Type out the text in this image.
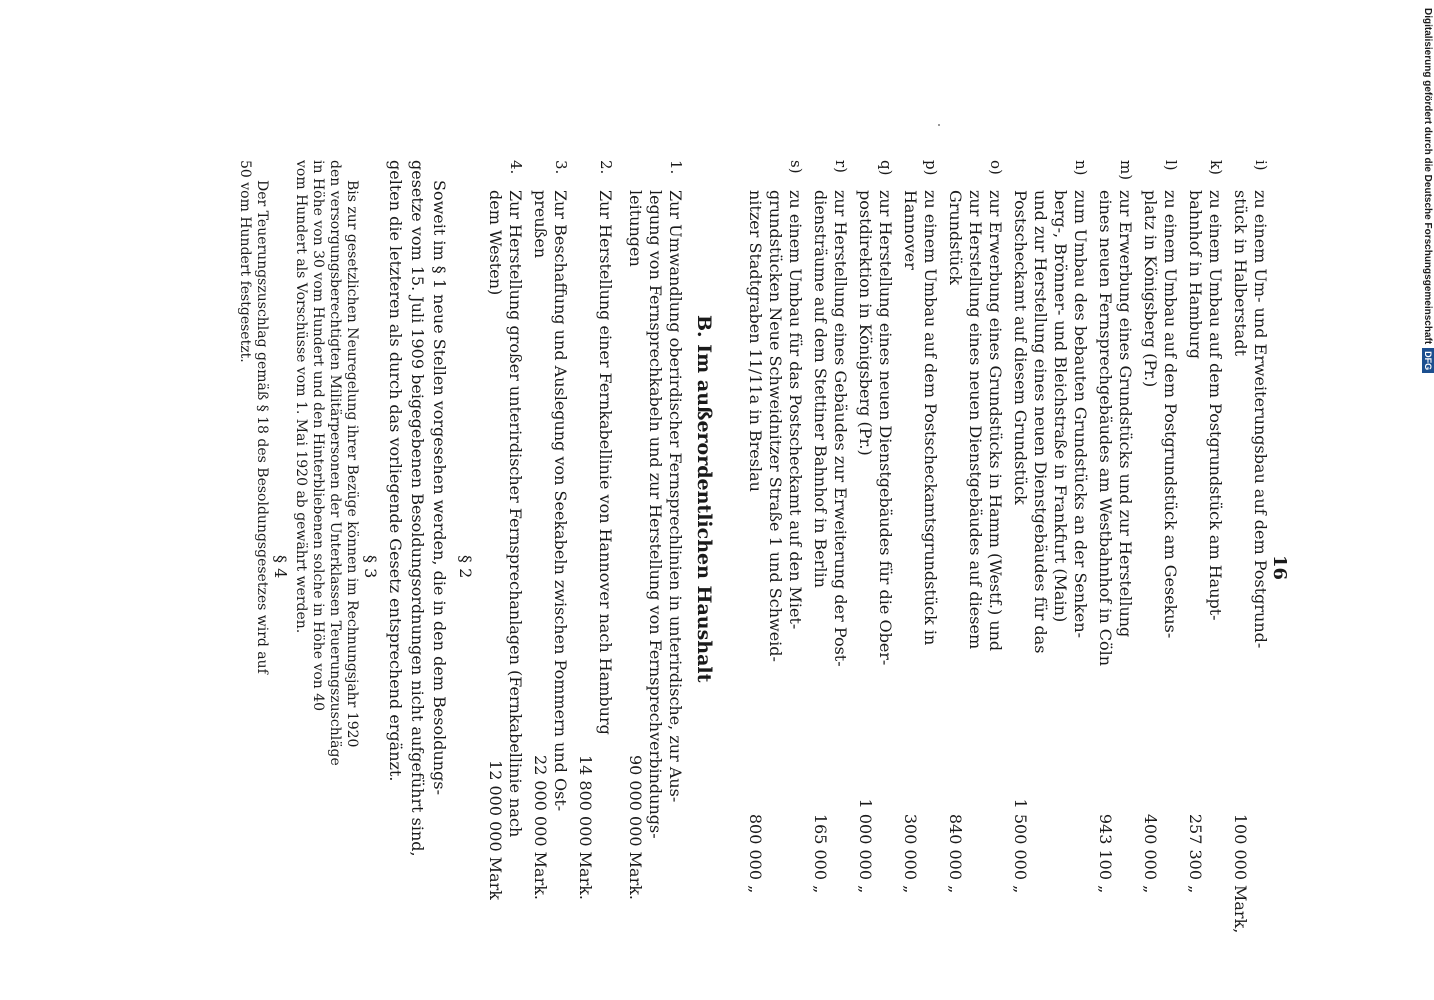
16
i)
zu einem Um- und Erweiterungsbau auf dem Postgrund-
stück in Halberstadt
100 000
Mark,
k)
zu einem Umbau auf dem Postgrundstück am Haupt-
bahnhof in Hamburg
257 300
„
l)
zu einem Umbau auf dem Postgrundstück am Gesekus-
platz in Königsberg (Pr.)
400 000
„
m)
zur Erwerbung eines Grundstücks und zur Herstellung
eines neuen Fernsprechgebäudes am Westbahnhof in Cöln
943 100
„
n)
zum Umbau des bebauten Grundstücks an der Senken-
berg-, Brönner- und Bleichstraße in Frankfurt (Main)
und zur Herstellung eines neuen Dienstgebäudes für das
Postscheckamt auf diesem Grundstück
1 500 000
„
o)
zur Erwerbung eines Grundstücks in Hamm (Westf.) und
zur Herstellung eines neuen Dienstgebäudes auf diesem
Grundstück
840 000
„
p)
zu einem Umbau auf dem Postscheckamtsgrundstück in
Hannover
300 000
„
q)
zur Herstellung eines neuen Dienstgebäudes für die Ober-
postdirektion in Königsberg (Pr.)
1 000 000
„
r)
zur Herstellung eines Gebäudes zur Erweiterung der Post-
diensträume auf dem Stettiner Bahnhof in Berlin
165 000
„
s)
zu einem Umbau für das Postscheckamt auf den Miet-
grundstücken Neue Schweidnitzer Straße 1 und Schweid-
nitzer Stadtgraben 11/11a in Breslau
800 000
„
B. Im außerordentlichen Haushalt
1.
Zur Umwandlung oberirdischer Fernsprechlinien in unterirdische, zur Aus-
legung von Fernsprechkabeln und zur Herstellung von Fernsprechverbindungs-
leitungen
90 000 000 Mark.
2.
Zur Herstellung einer Fernkabellinie von Hannover nach Hamburg
14 800 000 Mark.
3.
Zur Beschaffung und Auslegung von Seekabeln zwischen Pommern und Ost-
preußen
22 000 000 Mark.
4.
Zur Herstellung großer unterirdischer Fernsprechanlagen (Fernkabellinie nach
dem Westen)
12 000 000 Mark
§ 2
Soweit im § 1 neue Stellen vorgesehen werden, die in den dem Besoldungs-
gesetze vom 15. Juli 1909 beigegebenen Besoldungsordnungen nicht aufgeführt sind,
gelten die letzteren als durch das vorliegende Gesetz entsprechend ergänzt.
§ 3
Bis zur gesetzlichen Neuregelung ihrer Bezüge können im Rechnungsjahr 1920
den versorgungsberechtigten Militärpersonen der Unterklassen Teuerungszuschläge
in Höhe von 30 vom Hundert und den Hinterbliebenen solche in Höhe von 40
vom Hundert als Vorschüsse vom 1. Mai 1920 ab gewährt werden.
§ 4
Der Teuerungszuschlag gemäß § 18 des Besoldungsgesetzes wird auf
50 vom Hundert festgesetzt.	DFG
Digitalisierung gefördert durch die Deutsche Forschungsgemeinschaft
